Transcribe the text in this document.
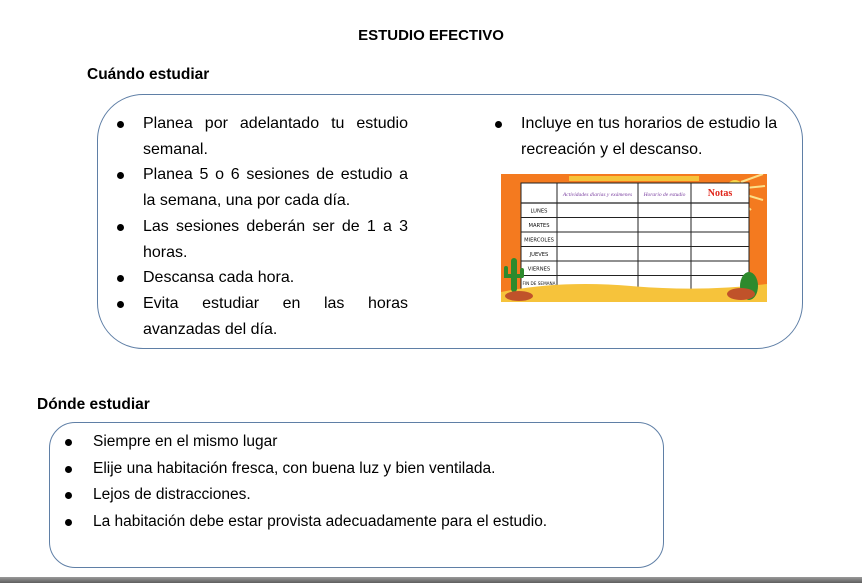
ESTUDIO EFECTIVO
Cuándo estudiar
Planea por adelantado tu estudio semanal.
Planea 5 o 6 sesiones de estudio a la semana, una por cada día.
Las sesiones deberán ser de 1 a 3 horas.
Descansa cada hora.
Evita estudiar en las horas avanzadas del día.
Incluye en tus horarios de estudio la recreación y el descanso.
Actividades diarias y exámenes Horario de estudio Notas
LUNES
MARTES
MIERCOLES
JUEVES
VIERNES
FIN DE SEMANA
Dónde estudiar
Siempre en el mismo lugar
Elije una habitación fresca, con buena luz y bien ventilada.
Lejos de distracciones.
La habitación debe estar provista adecuadamente para el estudio.
